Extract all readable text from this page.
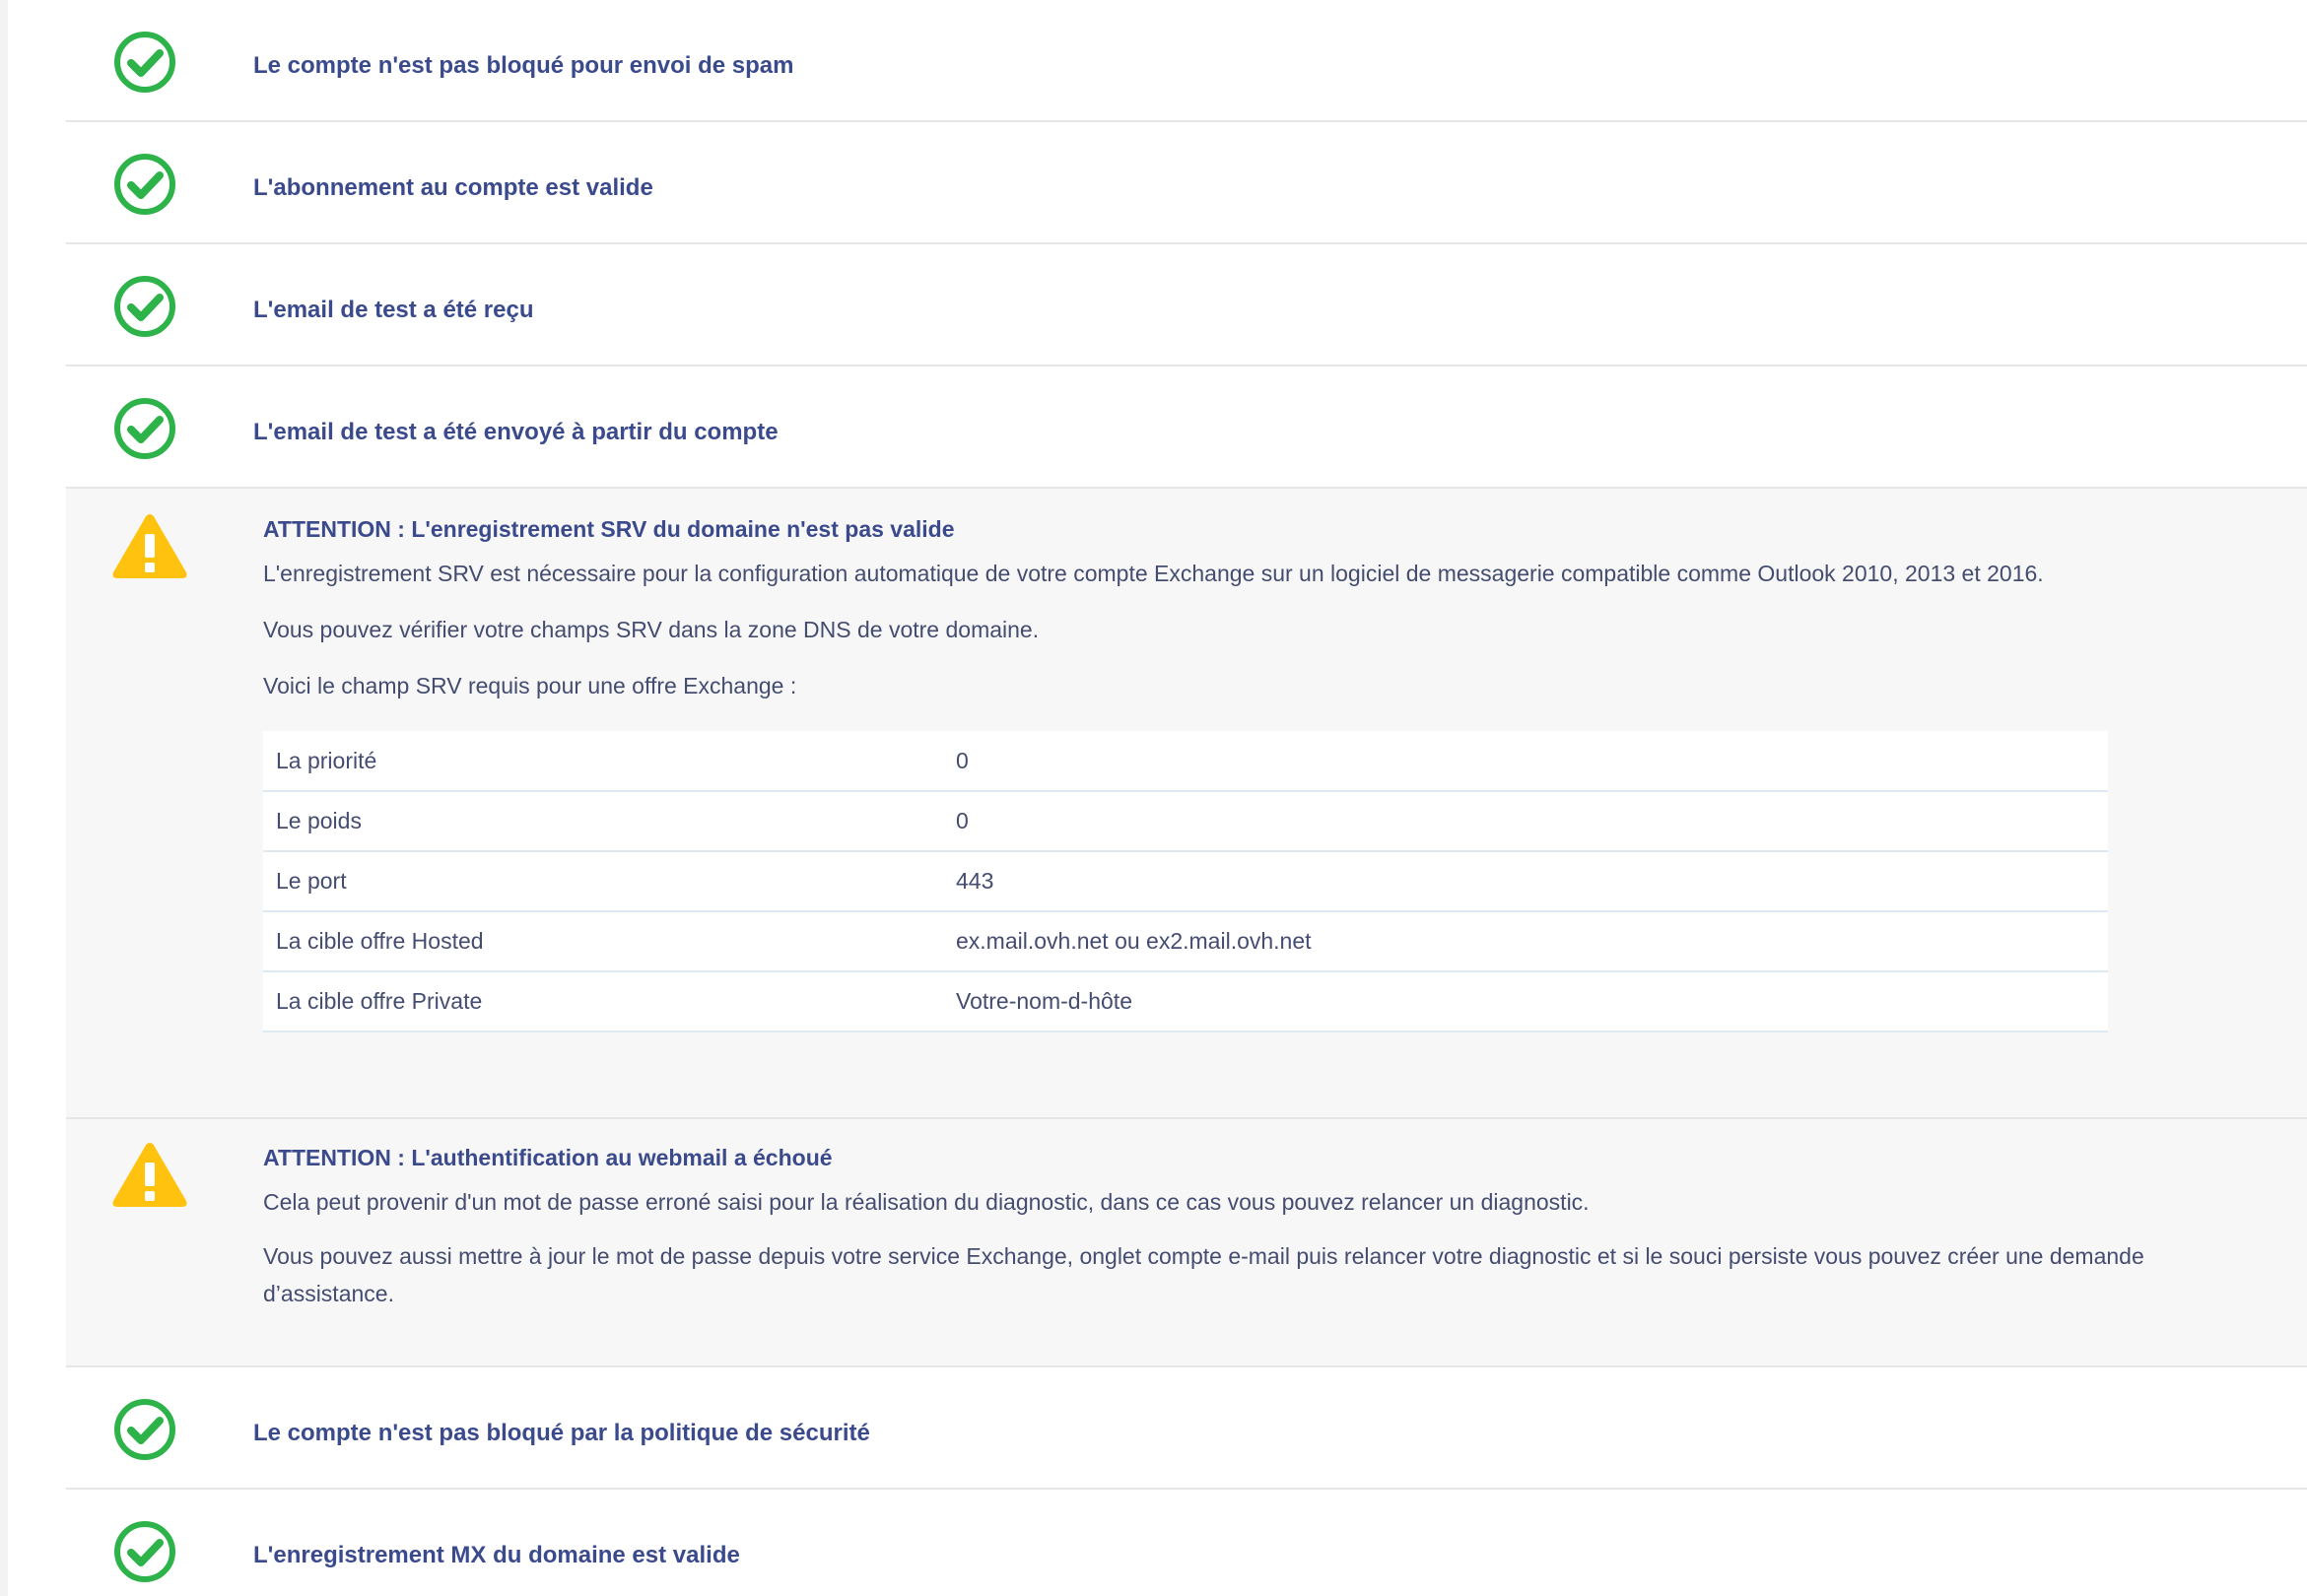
Le compte n'est pas bloqué pour envoi de spam
L'abonnement au compte est valide
L'email de test a été reçu
L'email de test a été envoyé à partir du compte
ATTENTION : L'enregistrement SRV du domaine n'est pas valide
L'enregistrement SRV est nécessaire pour la configuration automatique de votre compte Exchange sur un logiciel de messagerie compatible comme Outlook 2010, 2013 et 2016.
Vous pouvez vérifier votre champs SRV dans la zone DNS de votre domaine.
Voici le champ SRV requis pour une offre Exchange :
La priorité	0
Le poids	0
Le port	443
La cible offre Hosted	ex.mail.ovh.net ou ex2.mail.ovh.net
La cible offre Private	Votre-nom-d-hôte
ATTENTION : L'authentification au webmail a échoué
Cela peut provenir d'un mot de passe erroné saisi pour la réalisation du diagnostic, dans ce cas vous pouvez relancer un diagnostic.
Vous pouvez aussi mettre à jour le mot de passe depuis votre service Exchange, onglet compte e-mail puis relancer votre diagnostic et si le souci persiste vous pouvez créer une demande d’assistance.
Le compte n'est pas bloqué par la politique de sécurité
L'enregistrement MX du domaine est valide
